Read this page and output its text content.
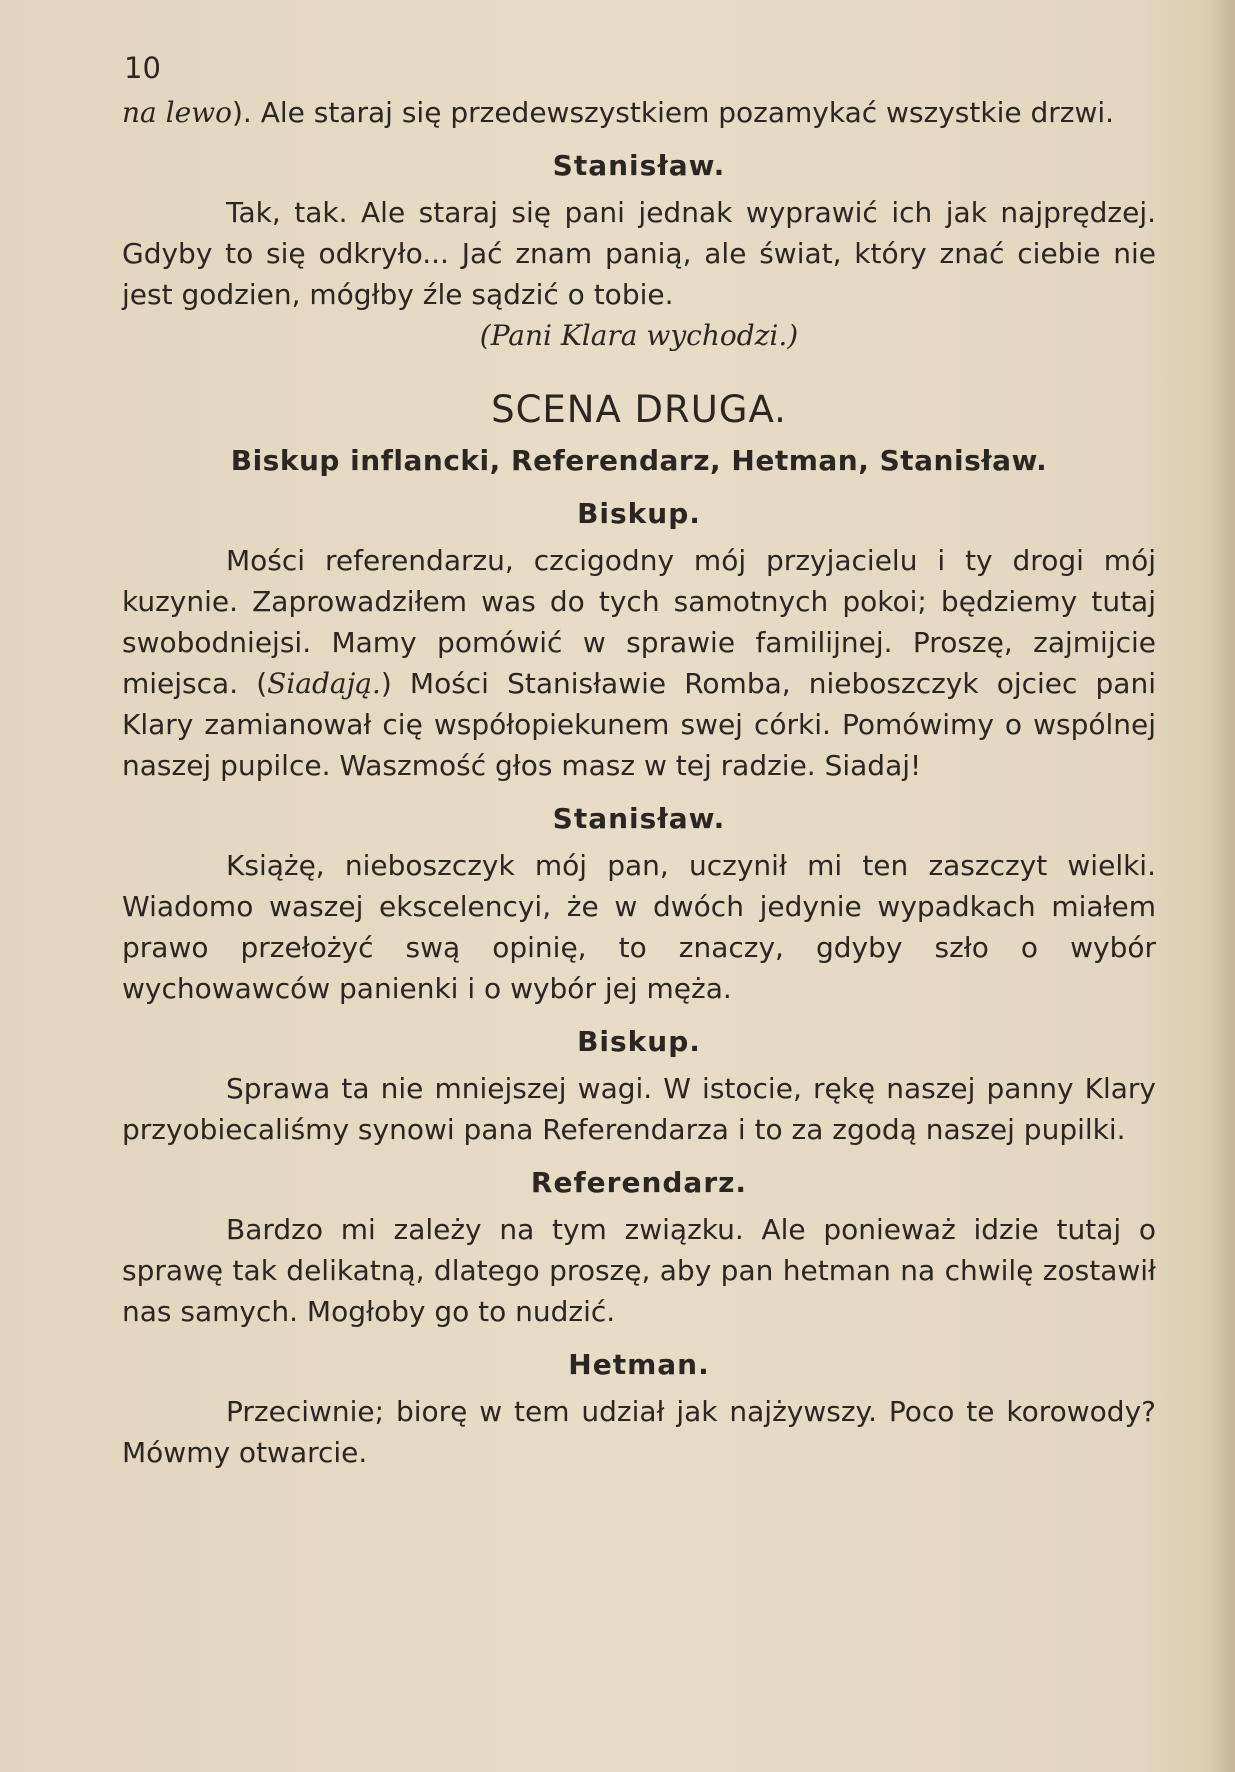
10

na lewo). Ale staraj się przedewszystkiem pozamykać wszystkie drzwi.

Stanisław.

Tak, tak. Ale staraj się pani jednak wyprawić ich jak najprędzej. Gdyby to się odkryło... Jać znam panią, ale świat, który znać ciebie nie jest godzien, mógłby źle sądzić o tobie.

(Pani Klara wychodzi.)
SCENA DRUGA.
Biskup inflancki, Referendarz, Hetman, Stanisław.
Biskup.

Mości referendarzu, czcigodny mój przyjacielu i ty drogi mój kuzynie. Zaprowadziłem was do tych samotnych pokoi; będziemy tutaj swobodniejsi. Mamy pomówić w sprawie familijnej. Proszę, zajmijcie miejsca. (Siadają.) Mości Stanisławie Romba, nieboszczyk ojciec pani Klary zamianował cię współopiekunem swej córki. Pomówimy o wspólnej naszej pupilce. Waszmość głos masz w tej radzie. Siadaj!

Stanisław.

Książę, nieboszczyk mój pan, uczynił mi ten zaszczyt wielki. Wiadomo waszej ekscelencyi, że w dwóch jedynie wypadkach miałem prawo przełożyć swą opinię, to znaczy, gdyby szło o wybór wychowawców panienki i o wybór jej męża.

Biskup.

Sprawa ta nie mniejszej wagi. W istocie, rękę naszej panny Klary przyobiecaliśmy synowi pana Referendarza i to za zgodą naszej pupilki.

Referendarz.

Bardzo mi zależy na tym związku. Ale ponieważ idzie tutaj o sprawę tak delikatną, dlatego proszę, aby pan hetman na chwilę zostawił nas samych. Mogłoby go to nudzić.

Hetman.

Przeciwnie; biorę w tem udział jak najżywszy. Poco te korowody? Mówmy otwarcie.
